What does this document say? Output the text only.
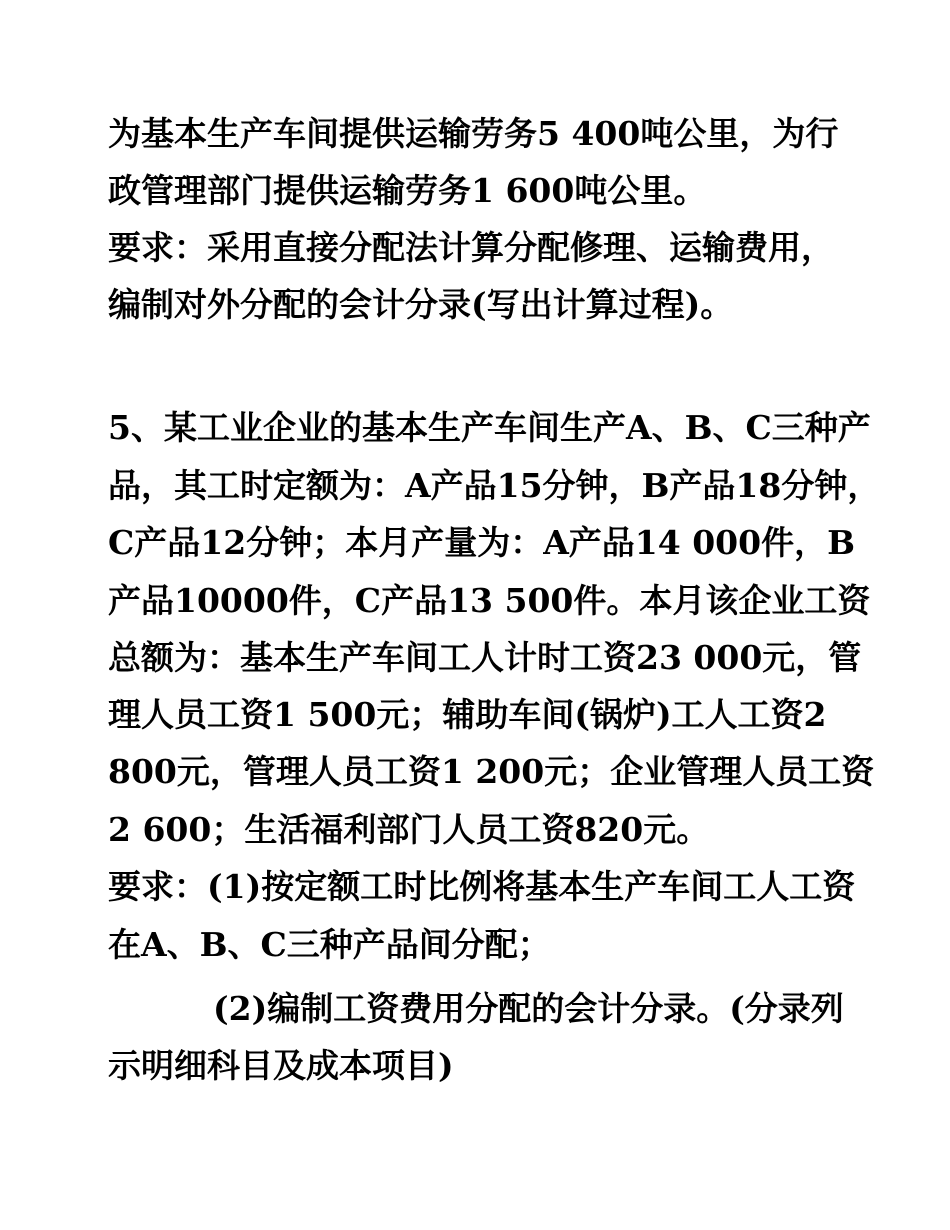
为基本生产车间提供运输劳务5 400吨公里，为行
政管理部门提供运输劳务1 600吨公里。
要求：采用直接分配法计算分配修理、运输费用，
编制对外分配的会计分录(写出计算过程)。
5、某工业企业的基本生产车间生产A、B、C三种产
品，其工时定额为：A产品15分钟，B产品18分钟，
C产品12分钟；本月产量为：A产品14 000件，B
产品10000件，C产品13 500件。本月该企业工资
总额为：基本生产车间工人计时工资23 000元，管
理人员工资1 500元；辅助车间(锅炉)工人工资2
800元，管理人员工资1 200元；企业管理人员工资
2 600；生活福利部门人员工资820元。
要求：(1)按定额工时比例将基本生产车间工人工资
在A、B、C三种产品间分配；
(2)编制工资费用分配的会计分录。(分录列
示明细科目及成本项目)
